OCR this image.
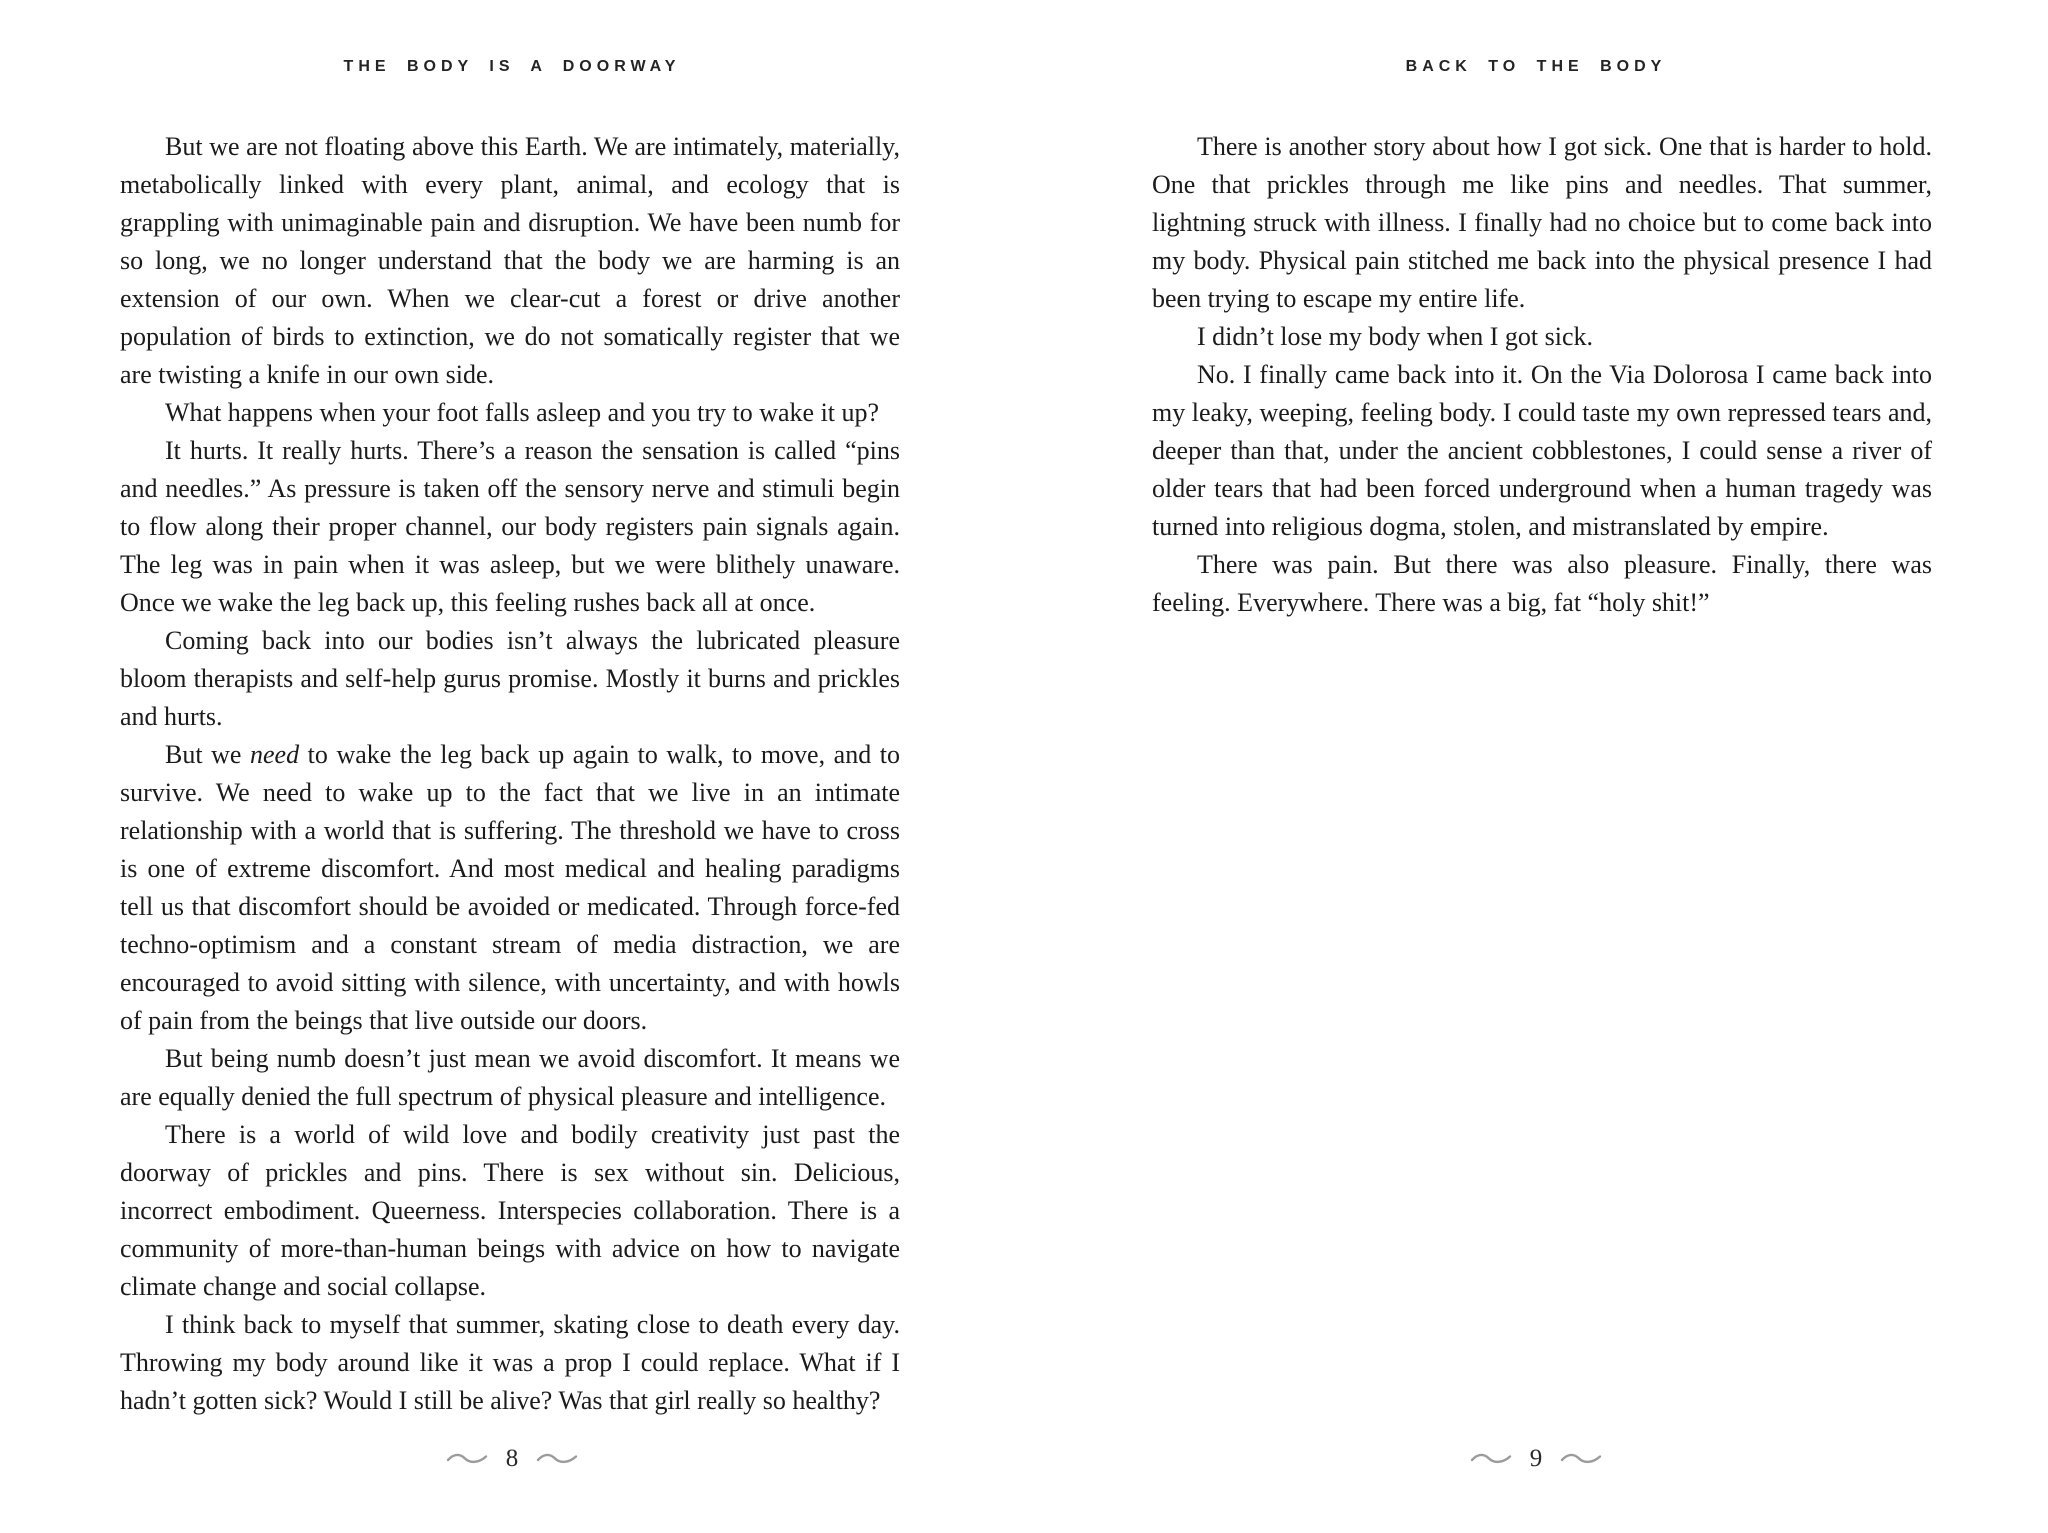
THE BODY IS A DOORWAY

But we are not floating above this Earth. We are intimately, materially, metabolically linked with every plant, animal, and ecology that is grappling with unimaginable pain and disruption. We have been numb for so long, we no longer understand that the body we are harming is an extension of our own. When we clear-cut a forest or drive another population of birds to extinction, we do not somatically register that we are twisting a knife in our own side.

What happens when your foot falls asleep and you try to wake it up?

It hurts. It really hurts. There’s a reason the sensation is called “pins and needles.” As pressure is taken off the sensory nerve and stimuli begin to flow along their proper channel, our body registers pain signals again. The leg was in pain when it was asleep, but we were blithely unaware. Once we wake the leg back up, this feeling rushes back all at once.

Coming back into our bodies isn’t always the lubricated pleasure bloom therapists and self-help gurus promise. Mostly it burns and prickles and hurts.

But we need to wake the leg back up again to walk, to move, and to survive. We need to wake up to the fact that we live in an intimate relationship with a world that is suffering. The threshold we have to cross is one of extreme discomfort. And most medical and healing paradigms tell us that discomfort should be avoided or medicated. Through force-fed techno-optimism and a constant stream of media distraction, we are encouraged to avoid sitting with silence, with uncertainty, and with howls of pain from the beings that live outside our doors.

But being numb doesn’t just mean we avoid discomfort. It means we are equally denied the full spectrum of physical pleasure and intelligence.

There is a world of wild love and bodily creativity just past the doorway of prickles and pins. There is sex without sin. Delicious, incorrect embodiment. Queerness. Interspecies collaboration. There is a community of more-than-human beings with advice on how to navigate climate change and social collapse.

I think back to myself that summer, skating close to death every day. Throwing my body around like it was a prop I could replace. What if I hadn’t gotten sick? Would I still be alive? Was that girl really so healthy?

8
BACK TO THE BODY

There is another story about how I got sick. One that is harder to hold. One that prickles through me like pins and needles. That summer, lightning struck with illness. I finally had no choice but to come back into my body. Physical pain stitched me back into the physical presence I had been trying to escape my entire life.

I didn’t lose my body when I got sick.

No. I finally came back into it. On the Via Dolorosa I came back into my leaky, weeping, feeling body. I could taste my own repressed tears and, deeper than that, under the ancient cobblestones, I could sense a river of older tears that had been forced underground when a human tragedy was turned into religious dogma, stolen, and mistranslated by empire.

There was pain. But there was also pleasure. Finally, there was feeling. Everywhere. There was a big, fat “holy shit!”

9
